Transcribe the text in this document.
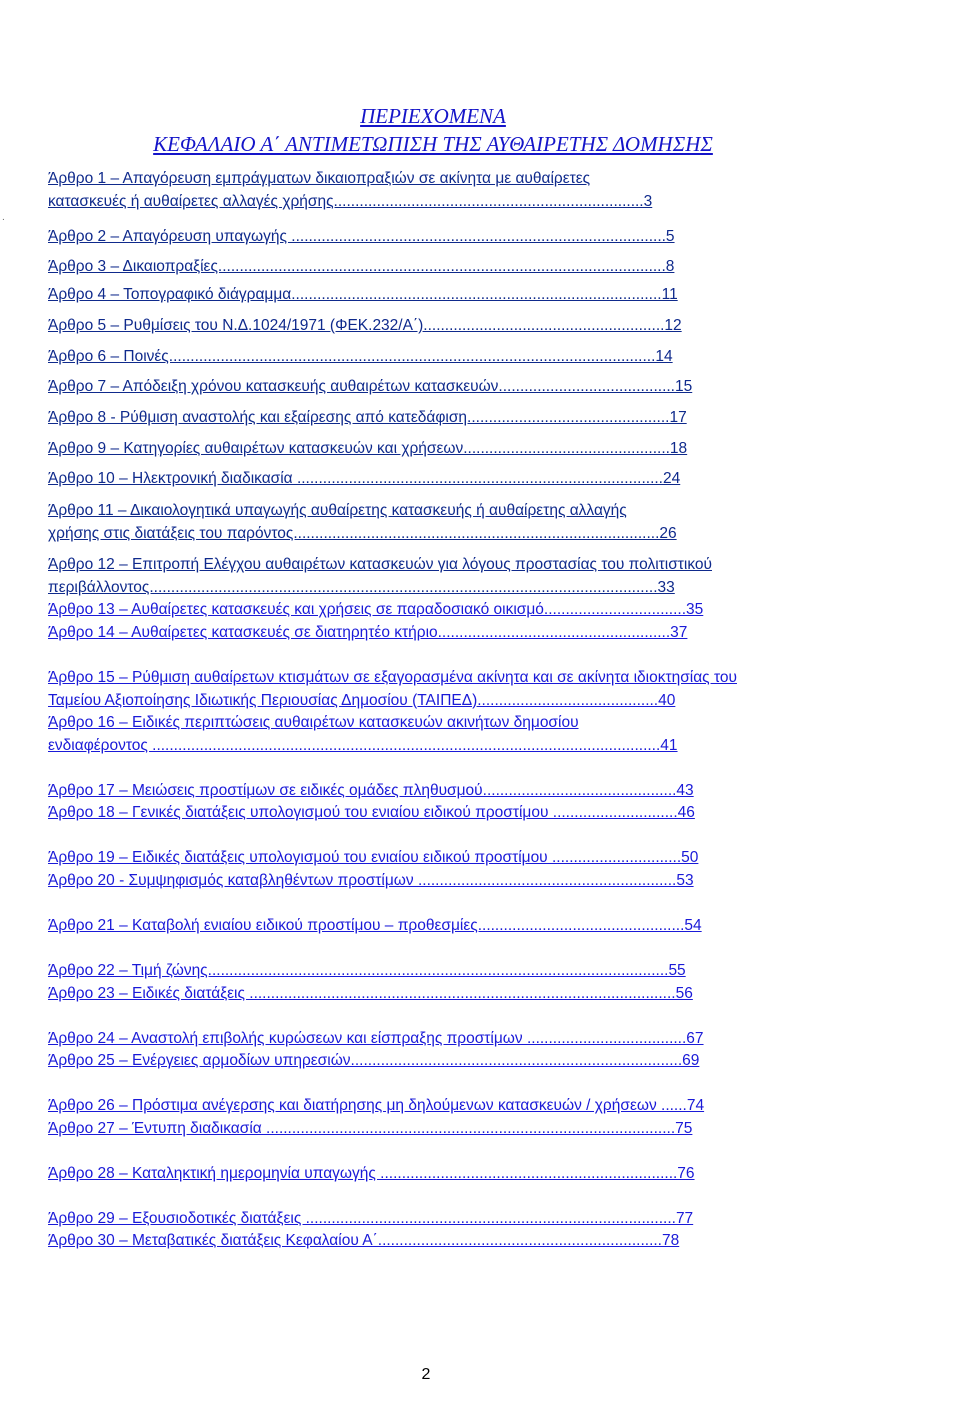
ΠΕΡΙΕΧΟΜΕΝΑ
ΚΕΦΑΛΑΙΟ Α΄ ΑΝΤΙΜΕΤΩΠΙΣΗ ΤΗΣ ΑΥΘΑΙΡΕΤΗΣ ΔΟΜΗΣΗΣ
.
Άρθρο 1 – Απαγόρευση εμπράγματων δικαιοπραξιών σε ακίνητα με αυθαίρετες
κατασκευές ή αυθαίρετες αλλαγές χρήσης........................................................................3
Άρθρο 2 – Απαγόρευση υπαγωγής .......................................................................................5
Άρθρο 3 – Δικαιοπραξίες........................................................................................................8
Άρθρο 4 – Τοπογραφικό διάγραμμα......................................................................................11
Άρθρο 5 – Ρυθμίσεις του Ν.Δ.1024/1971 (ΦΕΚ.232/Α΄)........................................................12
Άρθρο 6 – Ποινές.................................................................................................................14
Άρθρο 7 – Απόδειξη χρόνου κατασκευής αυθαιρέτων κατασκευών.........................................15
Άρθρο 8 - Ρύθμιση αναστολής και εξαίρεσης από κατεδάφιση...............................................17
Άρθρο 9 – Κατηγορίες αυθαιρέτων κατασκευών και χρήσεων................................................18
Άρθρο 10 – Ηλεκτρονική διαδικασία .....................................................................................24
Άρθρο 11 – Δικαιολογητικά υπαγωγής αυθαίρετης κατασκευής ή αυθαίρετης αλλαγής
χρήσης στις διατάξεις του παρόντος.....................................................................................26
Άρθρο 12 – Επιτροπή Ελέγχου αυθαιρέτων κατασκευών για λόγους προστασίας του πολιτιστικού
περιβάλλοντος......................................................................................................................33
Άρθρο 13 – Αυθαίρετες κατασκευές και χρήσεις σε παραδοσιακό οικισμό.................................35
Άρθρο 14 – Αυθαίρετες κατασκευές σε διατηρητέο κτήριο......................................................37
Άρθρο 15 – Ρύθμιση αυθαίρετων κτισμάτων σε εξαγορασμένα ακίνητα και σε ακίνητα ιδιοκτησίας του
Ταμείου Αξιοποίησης Ιδιωτικής Περιουσίας Δημοσίου (ΤΑΙΠΕΔ)..........................................40
Άρθρο 16 – Ειδικές περιπτώσεις αυθαιρέτων κατασκευών ακινήτων δημοσίου
ενδιαφέροντος ......................................................................................................................41
Άρθρο 17 – Μειώσεις προστίμων σε ειδικές ομάδες πληθυσμού.............................................43
Άρθρο 18 – Γενικές διατάξεις υπολογισμού του ενιαίου ειδικού προστίμου .............................46
Άρθρο 19 – Ειδικές διατάξεις υπολογισμού του ενιαίου ειδικού προστίμου ..............................50
Άρθρο 20 - Συμψηφισμός καταβληθέντων προστίμων ............................................................53
Άρθρο 21 – Καταβολή ενιαίου ειδικού προστίμου – προθεσμίες................................................54
Άρθρο 22 – Τιμή ζώνης...........................................................................................................55
Άρθρο 23 – Ειδικές διατάξεις ...................................................................................................56
Άρθρο 24 – Αναστολή επιβολής κυρώσεων και είσπραξης προστίμων .....................................67
Άρθρο 25 – Ενέργειες αρμοδίων υπηρεσιών.............................................................................69
Άρθρο 26 – Πρόστιμα ανέγερσης και διατήρησης μη δηλούμενων κατασκευών / χρήσεων ......74
Άρθρο 27 – Έντυπη διαδικασία ...............................................................................................75
Άρθρο 28 – Καταληκτική ημερομηνία υπαγωγής .....................................................................76
Άρθρο 29 – Εξουσιοδοτικές διατάξεις ......................................................................................77
Άρθρο 30 – Μεταβατικές διατάξεις Κεφαλαίου Α΄..................................................................78
2
